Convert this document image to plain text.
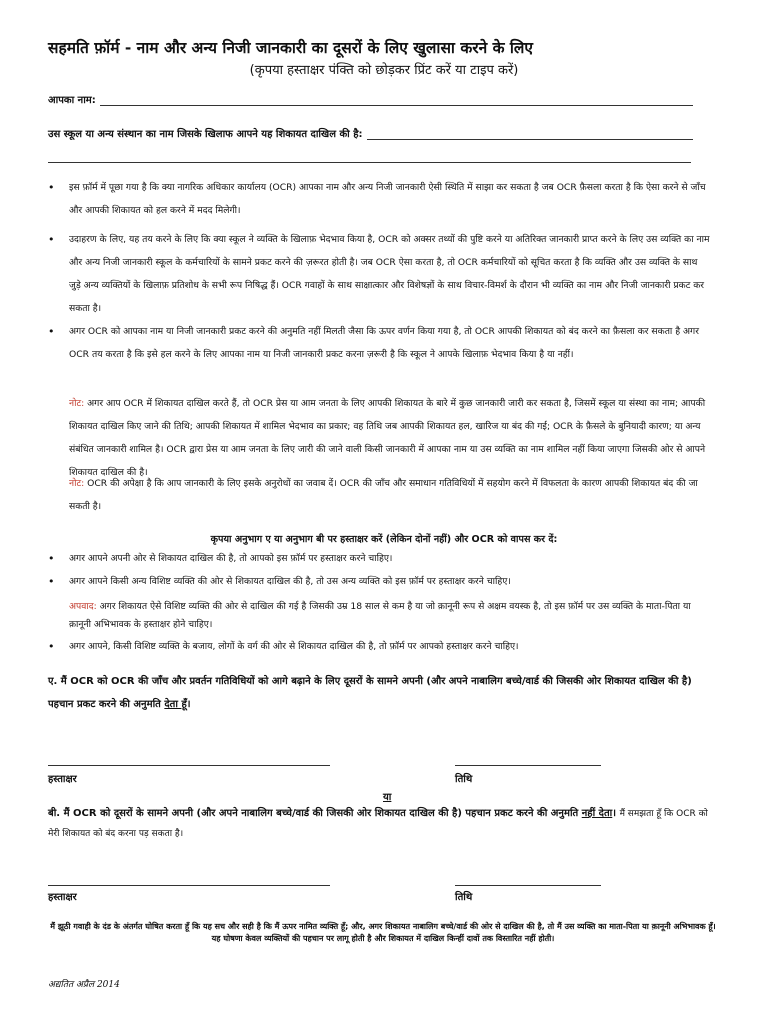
सहमति फ़ॉर्म - नाम और अन्य निजी जानकारी का दूसरों के लिए खुलासा करने के लिए
(कृपया हस्ताक्षर पंक्ति को छोड़कर प्रिंट करें या टाइप करें)
आपका नाम:
उस स्कूल या अन्य संस्थान का नाम जिसके खिलाफ आपने यह शिकायत दाखिल की है:
• इस फ़ॉर्म में पूछा गया है कि क्या नागरिक अधिकार कार्यालय (OCR) आपका नाम और अन्य निजी जानकारी ऐसी स्थिति में साझा कर सकता है जब OCR फ़ैसला करता है कि ऐसा करने से जाँच और आपकी शिकायत को हल करने में मदद मिलेगी।
• उदाहरण के लिए, यह तय करने के लिए कि क्या स्कूल ने व्यक्ति के खिलाफ़ भेदभाव किया है, OCR को अक्सर तथ्यों की पुष्टि करने या अतिरिक्त जानकारी प्राप्त करने के लिए उस व्यक्ति का नाम और अन्य निजी जानकारी स्कूल के कर्मचारियों के सामने प्रकट करने की ज़रूरत होती है। जब OCR ऐसा करता है, तो OCR कर्मचारियों को सूचित करता है कि व्यक्ति और उस व्यक्ति के साथ जुड़े अन्य व्यक्तियों के खिलाफ़ प्रतिशोध के सभी रूप निषिद्ध हैं। OCR गवाहों के साथ साक्षात्कार और विशेषज्ञों के साथ विचार-विमर्श के दौरान भी व्यक्ति का नाम और निजी जानकारी प्रकट कर सकता है।
• अगर OCR को आपका नाम या निजी जानकारी प्रकट करने की अनुमति नहीं मिलती जैसा कि ऊपर वर्णन किया गया है, तो OCR आपकी शिकायत को बंद करने का फ़ैसला कर सकता है अगर OCR तय करता है कि इसे हल करने के लिए आपका नाम या निजी जानकारी प्रकट करना ज़रूरी है कि स्कूल ने आपके खिलाफ़ भेदभाव किया है या नहीं।
नोट: अगर आप OCR में शिकायत दाखिल करते हैं, तो OCR प्रेस या आम जनता के लिए आपकी शिकायत के बारे में कुछ जानकारी जारी कर सकता है, जिसमें स्कूल या संस्था का नाम; आपकी शिकायत दाखिल किए जाने की तिथि; आपकी शिकायत में शामिल भेदभाव का प्रकार; वह तिथि जब आपकी शिकायत हल, खारिज या बंद की गई; OCR के फ़ैसले के बुनियादी कारण; या अन्य संबंधित जानकारी शामिल है। OCR द्वारा प्रेस या आम जनता के लिए जारी की जाने वाली किसी जानकारी में आपका नाम या उस व्यक्ति का नाम शामिल नहीं किया जाएगा जिसकी ओर से आपने शिकायत दाखिल की है।
नोट: OCR की अपेक्षा है कि आप जानकारी के लिए इसके अनुरोधों का जवाब दें। OCR की जाँच और समाधान गतिविधियों में सहयोग करने में विफलता के कारण आपकी शिकायत बंद की जा सकती है।
कृपया अनुभाग ए या अनुभाग बी पर हस्ताक्षर करें (लेकिन दोनों नहीं) और OCR को वापस कर दें:
• अगर आपने अपनी ओर से शिकायत दाखिल की है, तो आपको इस फ़ॉर्म पर हस्ताक्षर करने चाहिए।
• अगर आपने किसी अन्य विशिष्ट व्यक्ति की ओर से शिकायत दाखिल की है, तो उस अन्य व्यक्ति को इस फ़ॉर्म पर हस्ताक्षर करने चाहिए।
अपवाद: अगर शिकायत ऐसे विशिष्ट व्यक्ति की ओर से दाखिल की गई है जिसकी उम्र 18 साल से कम है या जो क़ानूनी रूप से अक्षम वयस्क है, तो इस फ़ॉर्म पर उस व्यक्ति के माता-पिता या क़ानूनी अभिभावक के हस्ताक्षर होने चाहिए।
• अगर आपने, किसी विशिष्ट व्यक्ति के बजाय, लोगों के वर्ग की ओर से शिकायत दाखिल की है, तो फ़ॉर्म पर आपको हस्ताक्षर करने चाहिए।
ए. मैं OCR को OCR की जाँच और प्रवर्तन गतिविधियों को आगे बढ़ाने के लिए दूसरों के सामने अपनी (और अपने नाबालिग बच्चे/वार्ड की जिसकी ओर शिकायत दाखिल की है) पहचान प्रकट करने की अनुमति देता हूँ।
हस्ताक्षर	तिथि
या
बी. मैं OCR को दूसरों के सामने अपनी (और अपने नाबालिग बच्चे/वार्ड की जिसकी ओर शिकायत दाखिल की है) पहचान प्रकट करने की अनुमति नहीं देता। मैं समझता हूँ कि OCR को मेरी शिकायत को बंद करना पड़ सकता है।
हस्ताक्षर	तिथि
मैं झूठी गवाही के दंड के अंतर्गत घोषित करता हूँ कि यह सच और सही है कि मैं ऊपर नामित व्यक्ति हूँ; और, अगर शिकायत नाबालिग बच्चे/वार्ड की ओर से दाखिल की है, तो मैं उस व्यक्ति का माता-पिता या क़ानूनी अभिभावक हूँ। यह घोषणा केवल व्यक्तियों की पहचान पर लागू होती है और शिकायत में दाखिल किन्हीं दावों तक विस्तारित नहीं होती।
अद्यतित अप्रैल 2014
